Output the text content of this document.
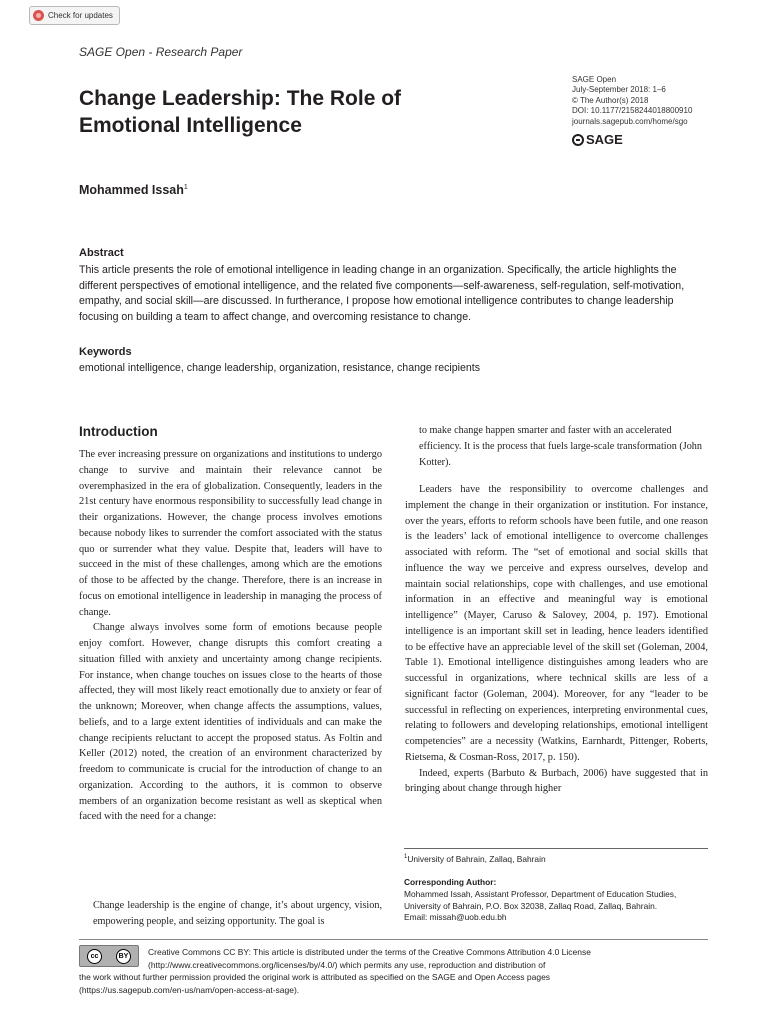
Check for updates
SAGE Open - Research Paper
Change Leadership: The Role of Emotional Intelligence
SAGE Open
July-September 2018: 1–6
© The Author(s) 2018
DOI: 10.1177/2158244018800910
journals.sagepub.com/home/sgo
SAGE
Mohammed Issah$^1$
Abstract
This article presents the role of emotional intelligence in leading change in an organization. Specifically, the article highlights the different perspectives of emotional intelligence, and the related five components—self-awareness, self-regulation, self-motivation, empathy, and social skill—are discussed. In furtherance, I propose how emotional intelligence contributes to change leadership focusing on building a team to affect change, and overcoming resistance to change.
Keywords
emotional intelligence, change leadership, organization, resistance, change recipients
Introduction

The ever increasing pressure on organizations and institutions to undergo change to survive and maintain their relevance cannot be overemphasized in the era of globalization. Consequently, leaders in the 21st century have enormous responsibility to successfully lead change in their organizations. However, the change process involves emotions because nobody likes to surrender the comfort associated with the status quo or surrender what they value. Despite that, leaders will have to succeed in the mist of these challenges, among which are the emotions of those to be affected by the change. Therefore, there is an increase in focus on emotional intelligence in leadership in managing the process of change.

Change always involves some form of emotions because people enjoy comfort. However, change disrupts this comfort creating a situation filled with anxiety and uncertainty among change recipients. For instance, when change touches on issues close to the hearts of those affected, they will most likely react emotionally due to anxiety or fear of the unknown; Moreover, when change affects the assumptions, values, beliefs, and to a large extent identities of individuals and can make the change recipients reluctant to accept the proposed status. As Foltin and Keller (2012) noted, the creation of an environment characterized by freedom to communicate is crucial for the introduction of change to an organization. According to the authors, it is common to observe members of an organization become resistant as well as skeptical when faced with the need for a change:

Change leadership is the engine of change, it’s about urgency, vision, empowering people, and seizing opportunity. The goal is
to make change happen smarter and faster with an accelerated efficiency. It is the process that fuels large-scale transformation (John Kotter).

Leaders have the responsibility to overcome challenges and implement the change in their organization or institution. For instance, over the years, efforts to reform schools have been futile, and one reason is the leaders’ lack of emotional intelligence to overcome challenges associated with reform. The “set of emotional and social skills that influence the way we perceive and express ourselves, develop and maintain social relationships, cope with challenges, and use emotional information in an effective and meaningful way is emotional intelligence” (Mayer, Caruso & Salovey, 2004, p. 197). Emotional intelligence is an important skill set in leading, hence leaders identified to be effective have an appreciable level of the skill set (Goleman, 2004, Table 1). Emotional intelligence distinguishes among leaders who are successful in organizations, where technical skills are less of a significant factor (Goleman, 2004). Moreover, for any “leader to be successful in reflecting on experiences, interpreting environmental cues, relating to followers and developing relationships, emotional intelligent competencies” are a necessity (Watkins, Earnhardt, Pittenger, Roberts, Rietsema, & Cosman-Ross, 2017, p. 150).

Indeed, experts (Barbuto & Burbach, 2006) have suggested that in bringing about change through higher

$^1$University of Bahrain, Zallaq, Bahrain
Corresponding Author:
Mohammed Issah, Assistant Professor, Department of Education Studies,
University of Bahrain, P.O. Box 32038, Zallaq Road, Zallaq, Bahrain.
Email: missah@uob.edu.bh
cc	BY	Creative Commons CC BY: This article is distributed under the terms of the Creative Commons Attribution 4.0 License
(http://www.creativecommons.org/licenses/by/4.0/) which permits any use, reproduction and distribution of
the work without further permission provided the original work is attributed as specified on the SAGE and Open Access pages
(https://us.sagepub.com/en-us/nam/open-access-at-sage).
